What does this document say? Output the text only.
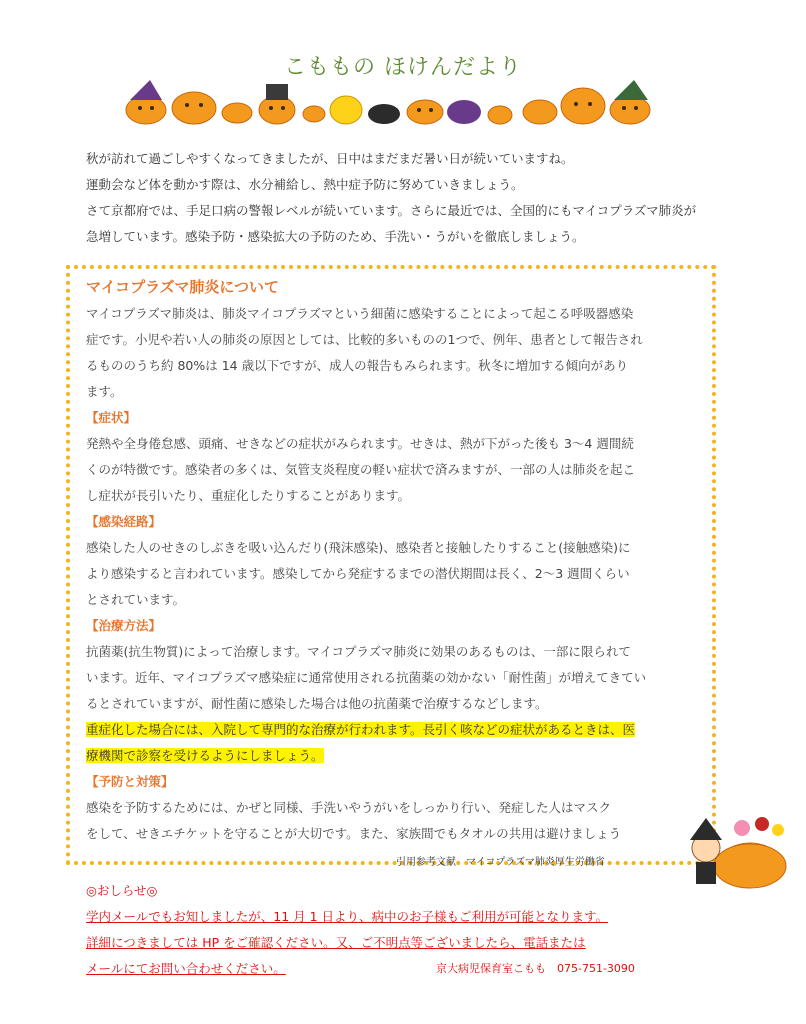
こももの ほけんだより

秋が訪れて過ごしやすくなってきましたが、日中はまだまだ暑い日が続いていますね。

運動会など体を動かす際は、水分補給し、熱中症予防に努めていきましょう。

さて京都府では、手足口病の警報レベルが続いています。さらに最近では、全国的にもマイコプラズマ肺炎が

急増しています。感染予防・感染拡大の予防のため、手洗い・うがいを徹底しましょう。

マイコプラズマ肺炎について

マイコプラズマ肺炎は、肺炎マイコプラズマという細菌に感染することによって起こる呼吸器感染

症です。小児や若い人の肺炎の原因としては、比較的多いものの1つで、例年、患者として報告され

るもののうち約 80%は 14 歳以下ですが、成人の報告もみられます。秋冬に増加する傾向があり

ます。

【症状】

発熱や全身倦怠感、頭痛、せきなどの症状がみられます。せきは、熱が下がった後も 3～4 週間続

くのが特徴です。感染者の多くは、気管支炎程度の軽い症状で済みますが、一部の人は肺炎を起こ

し症状が長引いたり、重症化したりすることがあります。

【感染経路】

感染した人のせきのしぶきを吸い込んだり(飛沫感染)、感染者と接触したりすること(接触感染)に

より感染すると言われています。感染してから発症するまでの潜伏期間は長く、2～3 週間くらい

とされています。

【治療方法】

抗菌薬(抗生物質)によって治療します。マイコプラズマ肺炎に効果のあるものは、一部に限られて

います。近年、マイコプラズマ感染症に通常使用される抗菌薬の効かない「耐性菌」が増えてきてい

るとされていますが、耐性菌に感染した場合は他の抗菌薬で治療するなどします。

重症化した場合には、入院して専門的な治療が行われます。長引く咳などの症状があるときは、医

療機関で診察を受けるようにしましょう。

【予防と対策】

感染を予防するためには、かぜと同様、手洗いやうがいをしっかり行い、発症した人はマスク

をして、せきエチケットを守ることが大切です。また、家族間でもタオルの共用は避けましょう

引用参考文献　マイコプラズマ肺炎厚生労働省

◎おしらせ◎

学内メールでもお知しましたが、11 月 1 日より、病中のお子様もご利用が可能となります。

詳細につきましては HP をご確認ください。又、ご不明点等ございましたら、電話または

メールにてお問い合わせください。	京大病児保育室こもも　075-751-3090
